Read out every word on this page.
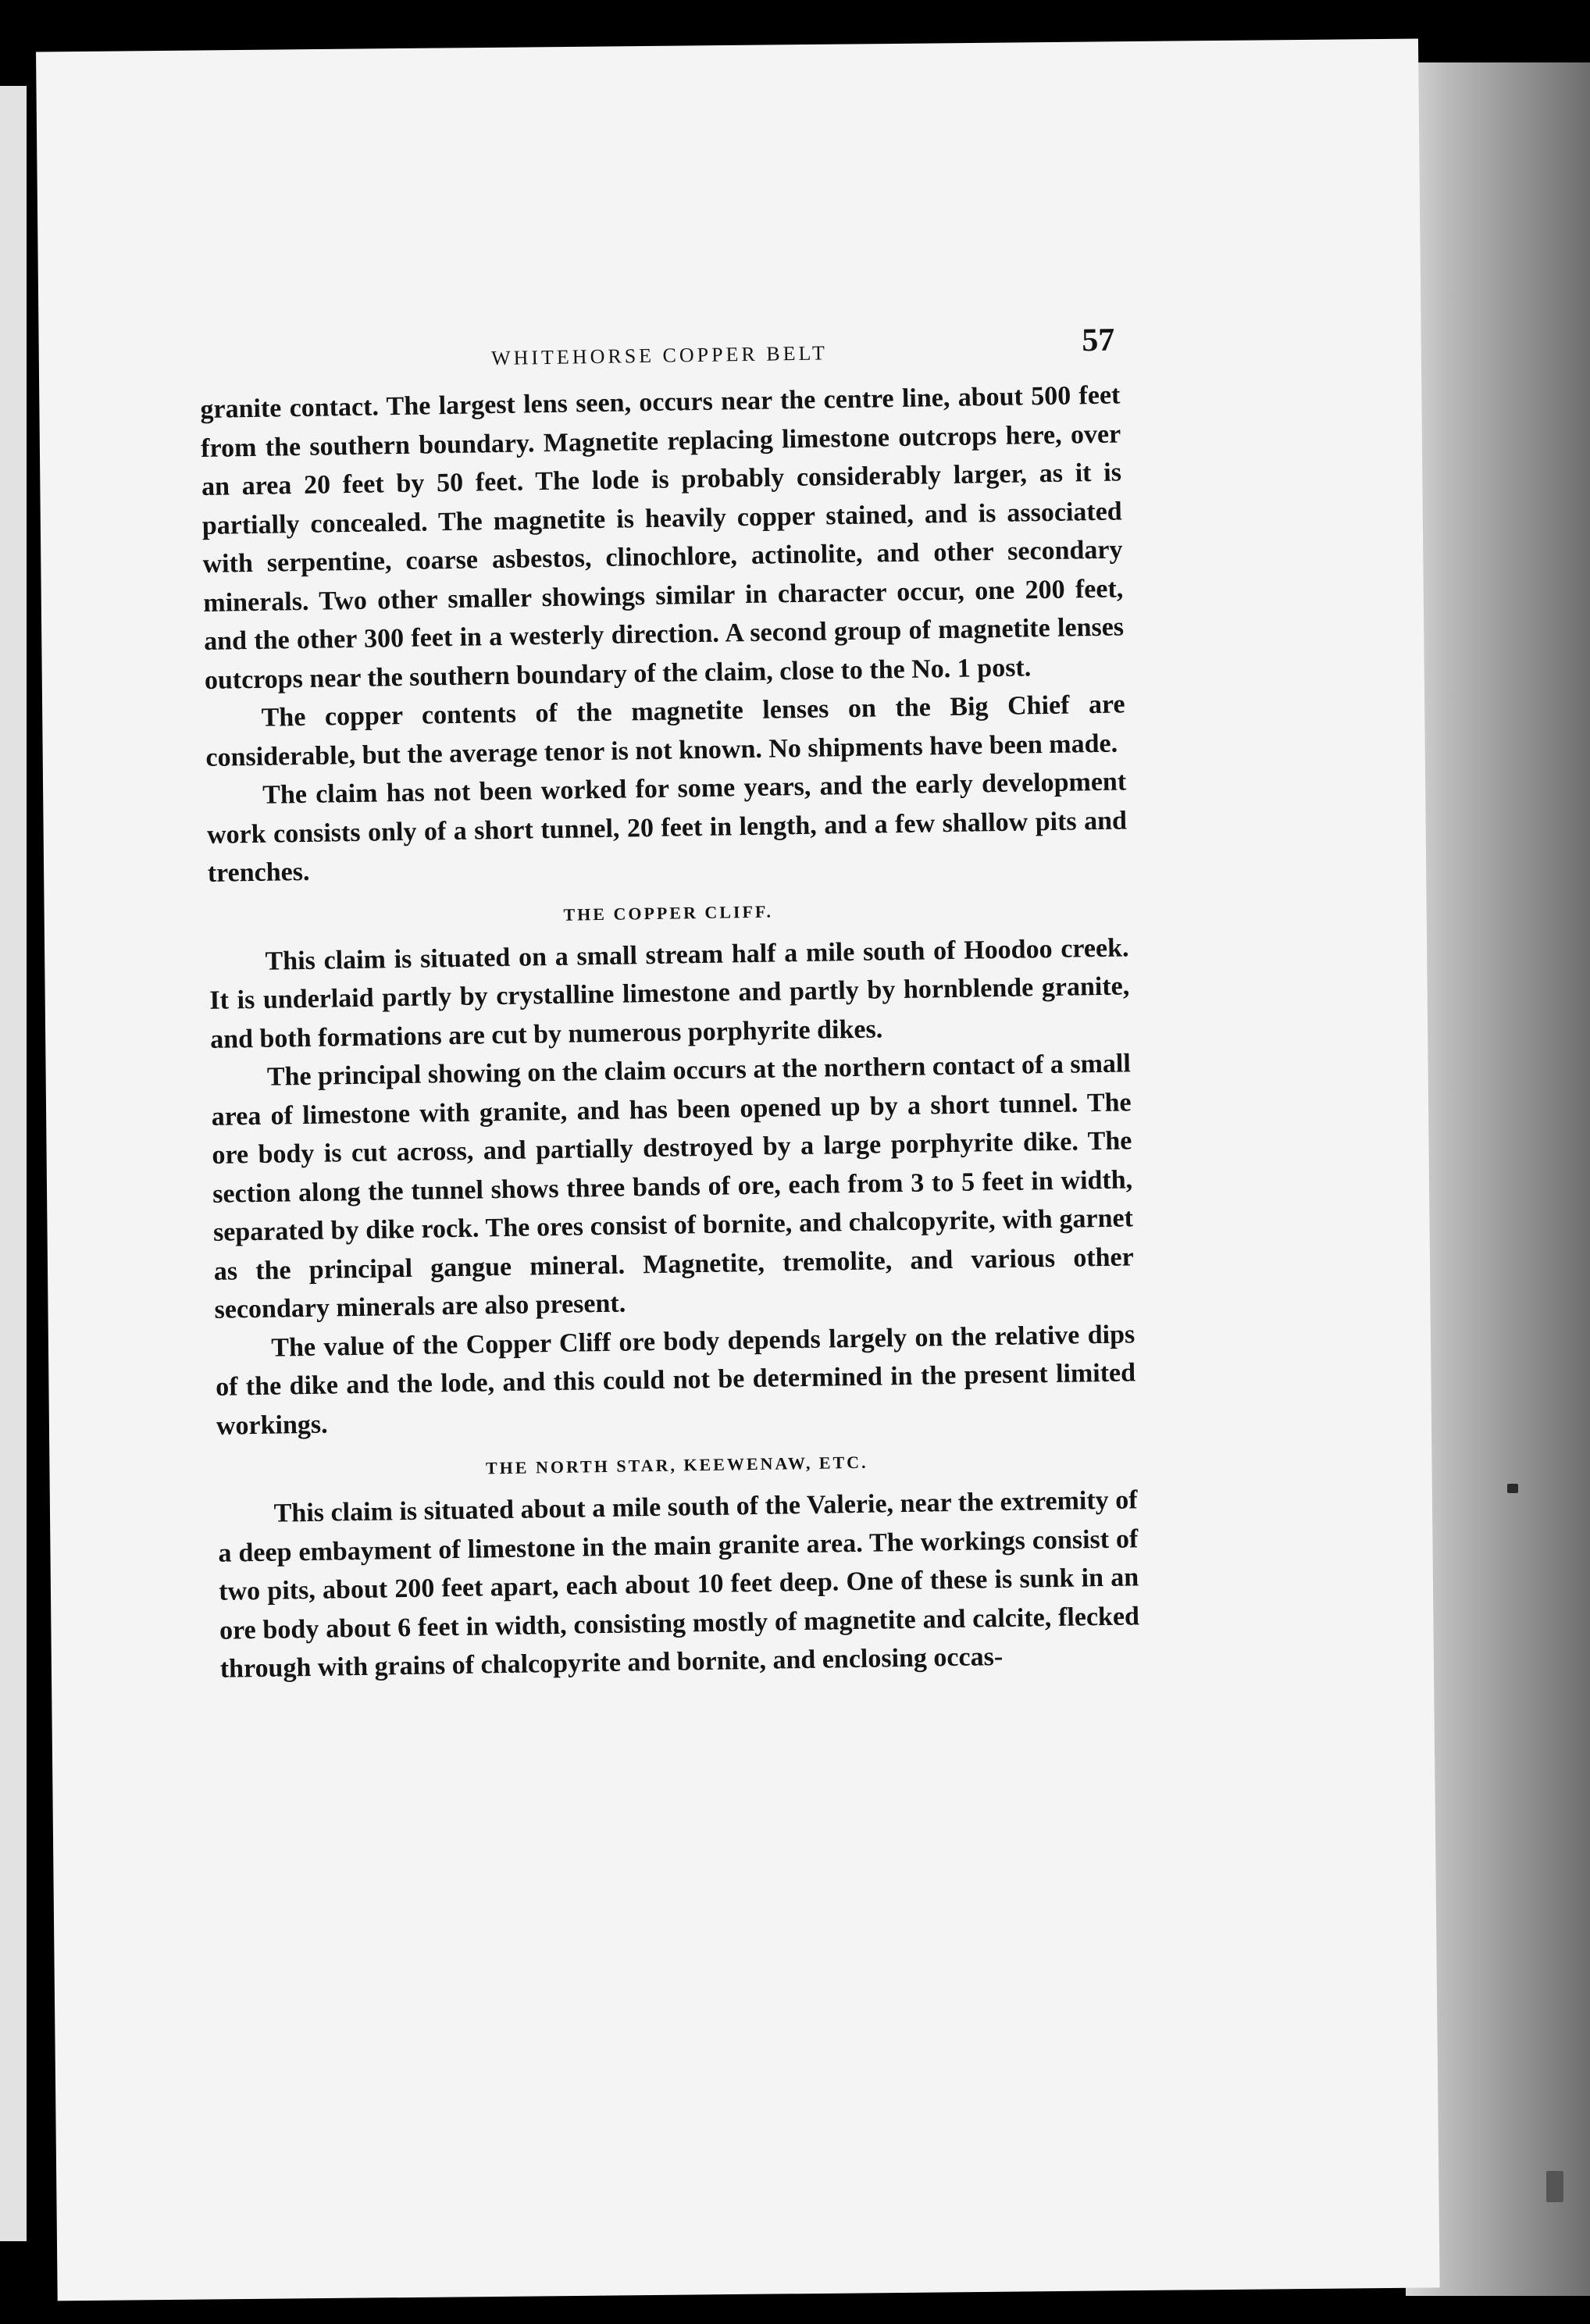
WHITEHORSE COPPER BELT	57

granite contact. The largest lens seen, occurs near the centre line, about 500 feet from the southern boundary. Magnetite replacing limestone outcrops here, over an area 20 feet by 50 feet. The lode is probably considerably larger, as it is partially concealed. The magnetite is heavily copper stained, and is associated with serpentine, coarse asbestos, clinochlore, actinolite, and other secondary minerals. Two other smaller showings similar in character occur, one 200 feet, and the other 300 feet in a westerly direction. A second group of magnetite lenses outcrops near the southern boundary of the claim, close to the No. 1 post.

The copper contents of the magnetite lenses on the Big Chief are considerable, but the average tenor is not known. No shipments have been made.

The claim has not been worked for some years, and the early development work consists only of a short tunnel, 20 feet in length, and a few shallow pits and trenches.

THE COPPER CLIFF.

This claim is situated on a small stream half a mile south of Hoodoo creek. It is underlaid partly by crystalline limestone and partly by hornblende granite, and both formations are cut by numerous porphyrite dikes.

The principal showing on the claim occurs at the northern contact of a small area of limestone with granite, and has been opened up by a short tunnel. The ore body is cut across, and partially destroyed by a large porphyrite dike. The section along the tunnel shows three bands of ore, each from 3 to 5 feet in width, separated by dike rock. The ores consist of bornite, and chalcopyrite, with garnet as the principal gangue mineral. Magnetite, tremolite, and various other secondary minerals are also present.

The value of the Copper Cliff ore body depends largely on the relative dips of the dike and the lode, and this could not be determined in the present limited workings.

THE NORTH STAR, KEEWENAW, ETC.

This claim is situated about a mile south of the Valerie, near the extremity of a deep embayment of limestone in the main granite area. The workings consist of two pits, about 200 feet apart, each about 10 feet deep. One of these is sunk in an ore body about 6 feet in width, consisting mostly of magnetite and calcite, flecked through with grains of chalcopyrite and bornite, and enclosing occas-
